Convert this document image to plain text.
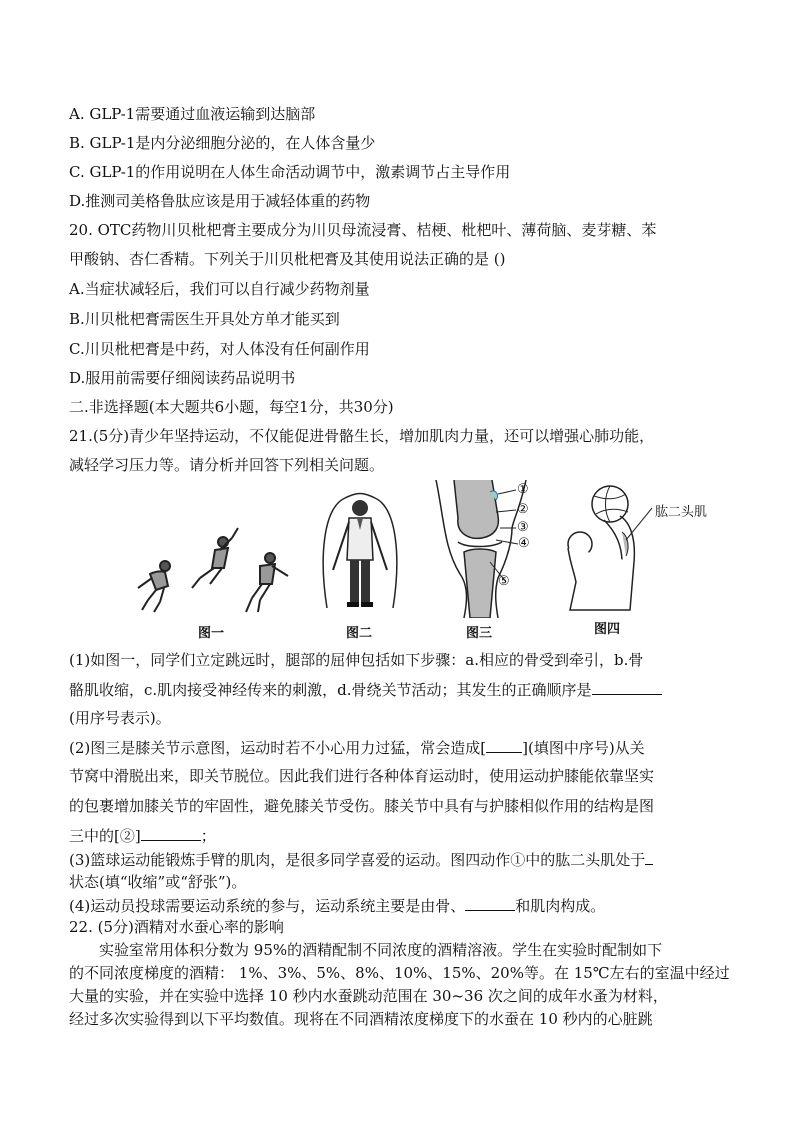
A. GLP-1需要通过血液运输到达脑部
B. GLP-1是内分泌细胞分泌的，在人体含量少
C. GLP-1的作用说明在人体生命活动调节中，激素调节占主导作用
D.推测司美格鲁肽应该是用于减轻体重的药物
20. OTC药物川贝枇杷膏主要成分为川贝母流浸膏、桔梗、枇杷叶、薄荷脑、麦芽糖、苯
甲酸钠、杏仁香精。下列关于川贝枇杷膏及其使用说法正确的是 ()
A.当症状减轻后，我们可以自行减少药物剂量
B.川贝枇杷膏需医生开具处方单才能买到
C.川贝枇杷膏是中药，对人体没有任何副作用
D.服用前需要仔细阅读药品说明书
二.非选择题(本大题共6小题，每空1分，共30分)
21.(5分)青少年坚持运动，不仅能促进骨骼生长，增加肌肉力量，还可以增强心肺功能，
减轻学习压力等。请分析并回答下列相关问题。
图一	图二
①
②
③
④
⑤
图三
肱二头肌
图四
(1)如图一，同学们立定跳远时，腿部的屈伸包括如下步骤：a.相应的骨受到牵引，b.骨
骼肌收缩，c.肌肉接受神经传来的刺激，d.骨绕关节活动；其发生的正确顺序是
(用序号表示)。
(2)图三是膝关节示意图，运动时若不小心用力过猛，常会造成[ ](填图中序号)从关
节窝中滑脱出来，即关节脱位。因此我们进行各种体育运动时，使用运动护膝能依靠坚实
的包裹增加膝关节的牢固性，避免膝关节受伤。膝关节中具有与护膝相似作用的结构是图
三中的[②]	；
(3)篮球运动能锻炼手臂的肌肉，是很多同学喜爱的运动。图四动作①中的肱二头肌处于
状态(填“收缩”或“舒张”)。
(4)运动员投球需要运动系统的参与，运动系统主要是由骨、	和肌肉构成。
22. (5分)酒精对水蚕心率的影响
实验室常用体积分数为 95%的酒精配制不同浓度的酒精溶液。学生在实验时配制如下
的不同浓度梯度的酒精： 1%、3%、5%、8%、10%、15%、20%等。在 15℃左右的室温中经过
大量的实验，并在实验中选择 10 秒内水蚕跳动范围在 30~36 次之间的成年水蚤为材料，
经过多次实验得到以下平均数值。现将在不同酒精浓度梯度下的水蚕在 10 秒内的心脏跳
